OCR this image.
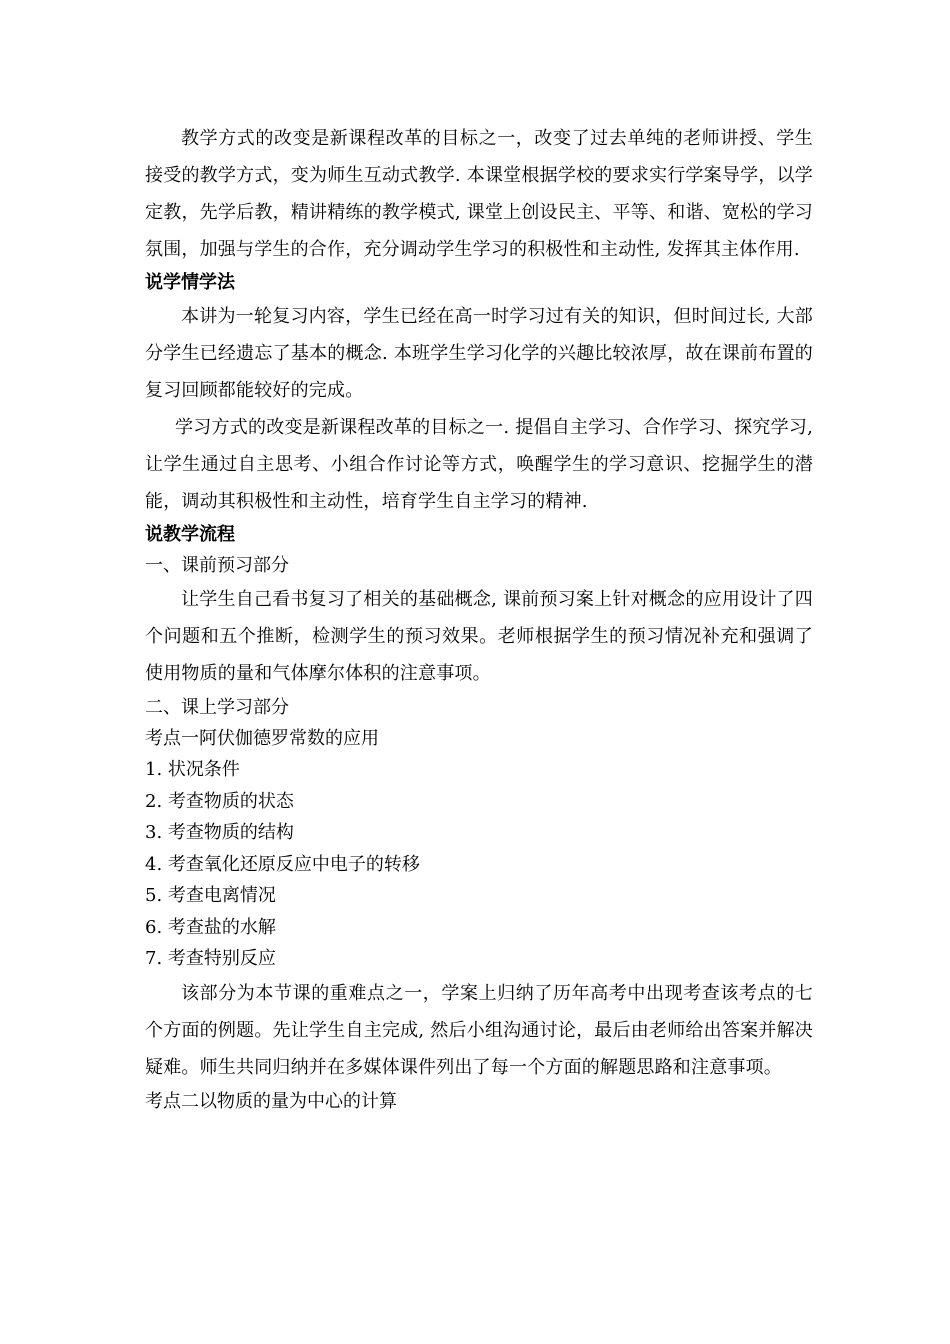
教学方式的改变是新课程改革的目标之一，改变了过去单纯的老师讲授、学生接受的教学方式，变为师生互动式教学. 本课堂根据学校的要求实行学案导学，以学定教，先学后教，精讲精练的教学模式, 课堂上创设民主、平等、和谐、宽松的学习氛围，加强与学生的合作，充分调动学生学习的积极性和主动性, 发挥其主体作用.

说学情学法

本讲为一轮复习内容，学生已经在高一时学习过有关的知识，但时间过长, 大部分学生已经遗忘了基本的概念. 本班学生学习化学的兴趣比较浓厚，故在课前布置的复习回顾都能较好的完成。

学习方式的改变是新课程改革的目标之一. 提倡自主学习、合作学习、探究学习, 让学生通过自主思考、小组合作讨论等方式，唤醒学生的学习意识、挖掘学生的潜能，调动其积极性和主动性，培育学生自主学习的精神.

说教学流程

一、课前预习部分

让学生自己看书复习了相关的基础概念, 课前预习案上针对概念的应用设计了四个问题和五个推断，检测学生的预习效果。老师根据学生的预习情况补充和强调了使用物质的量和气体摩尔体积的注意事项。

二、课上学习部分

考点一阿伏伽德罗常数的应用

1. 状况条件
2. 考查物质的状态
3. 考查物质的结构
4. 考查氧化还原反应中电子的转移
5. 考查电离情况
6. 考查盐的水解
7. 考查特别反应

该部分为本节课的重难点之一，学案上归纳了历年高考中出现考查该考点的七个方面的例题。先让学生自主完成, 然后小组沟通讨论，最后由老师给出答案并解决疑难。师生共同归纳并在多媒体课件列出了每一个方面的解题思路和注意事项。

考点二以物质的量为中心的计算
